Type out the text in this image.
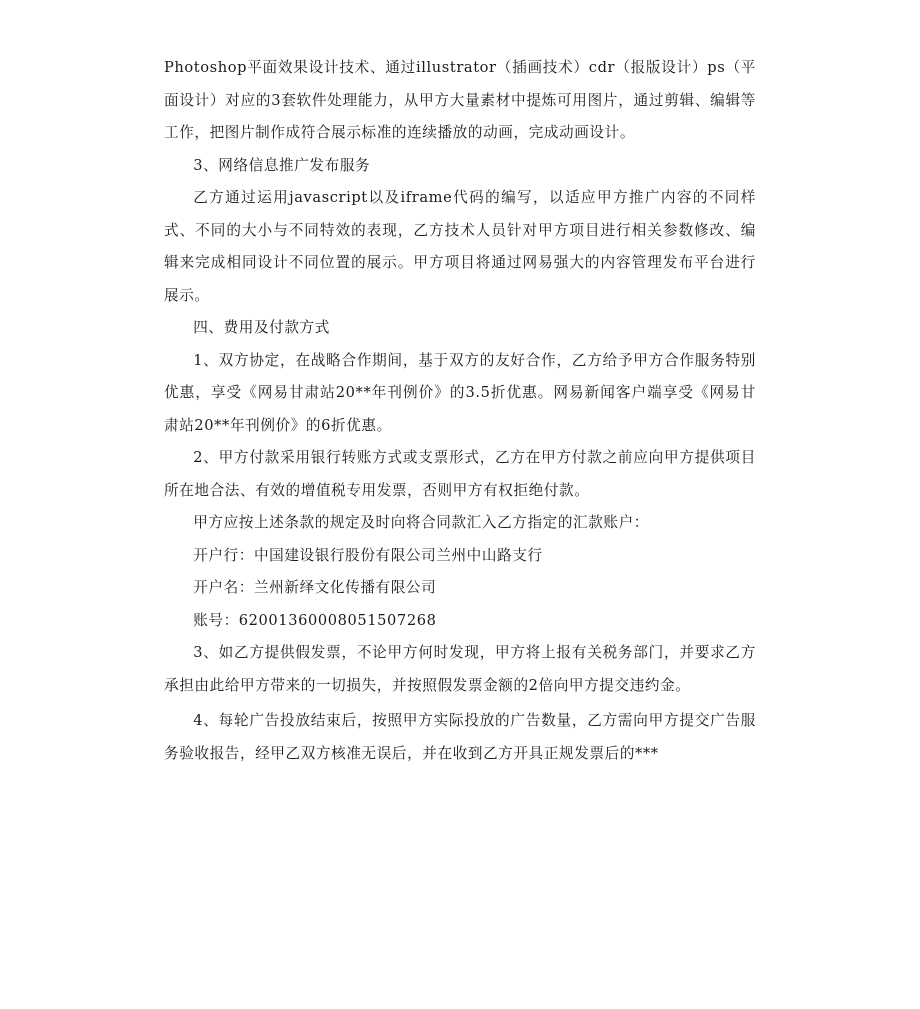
Photoshop平面效果设计技术、通过illustrator（插画技术）cdr（报版设计）ps（平面设计）对应的3套软件处理能力，从甲方大量素材中提炼可用图片，通过剪辑、编辑等工作，把图片制作成符合展示标准的连续播放的动画，完成动画设计。

3、网络信息推广发布服务

乙方通过运用javascript以及iframe代码的编写，以适应甲方推广内容的不同样式、不同的大小与不同特效的表现，乙方技术人员针对甲方项目进行相关参数修改、编辑来完成相同设计不同位置的展示。甲方项目将通过网易强大的内容管理发布平台进行展示。

四、费用及付款方式

1、双方协定，在战略合作期间，基于双方的友好合作，乙方给予甲方合作服务特别优惠，享受《网易甘肃站20**年刊例价》的3.5折优惠。网易新闻客户端享受《网易甘肃站20**年刊例价》的6折优惠。

2、甲方付款采用银行转账方式或支票形式，乙方在甲方付款之前应向甲方提供项目所在地合法、有效的增值税专用发票，否则甲方有权拒绝付款。

甲方应按上述条款的规定及时向将合同款汇入乙方指定的汇款账户：

开户行：中国建设银行股份有限公司兰州中山路支行

开户名：兰州新绎文化传播有限公司

账号：62001360008051507268

3、如乙方提供假发票，不论甲方何时发现，甲方将上报有关税务部门，并要求乙方承担由此给甲方带来的一切损失，并按照假发票金额的2倍向甲方提交违约金。

4、每轮广告投放结束后，按照甲方实际投放的广告数量，乙方需向甲方提交广告服务验收报告，经甲乙双方核准无误后，并在收到乙方开具正规发票后的***
